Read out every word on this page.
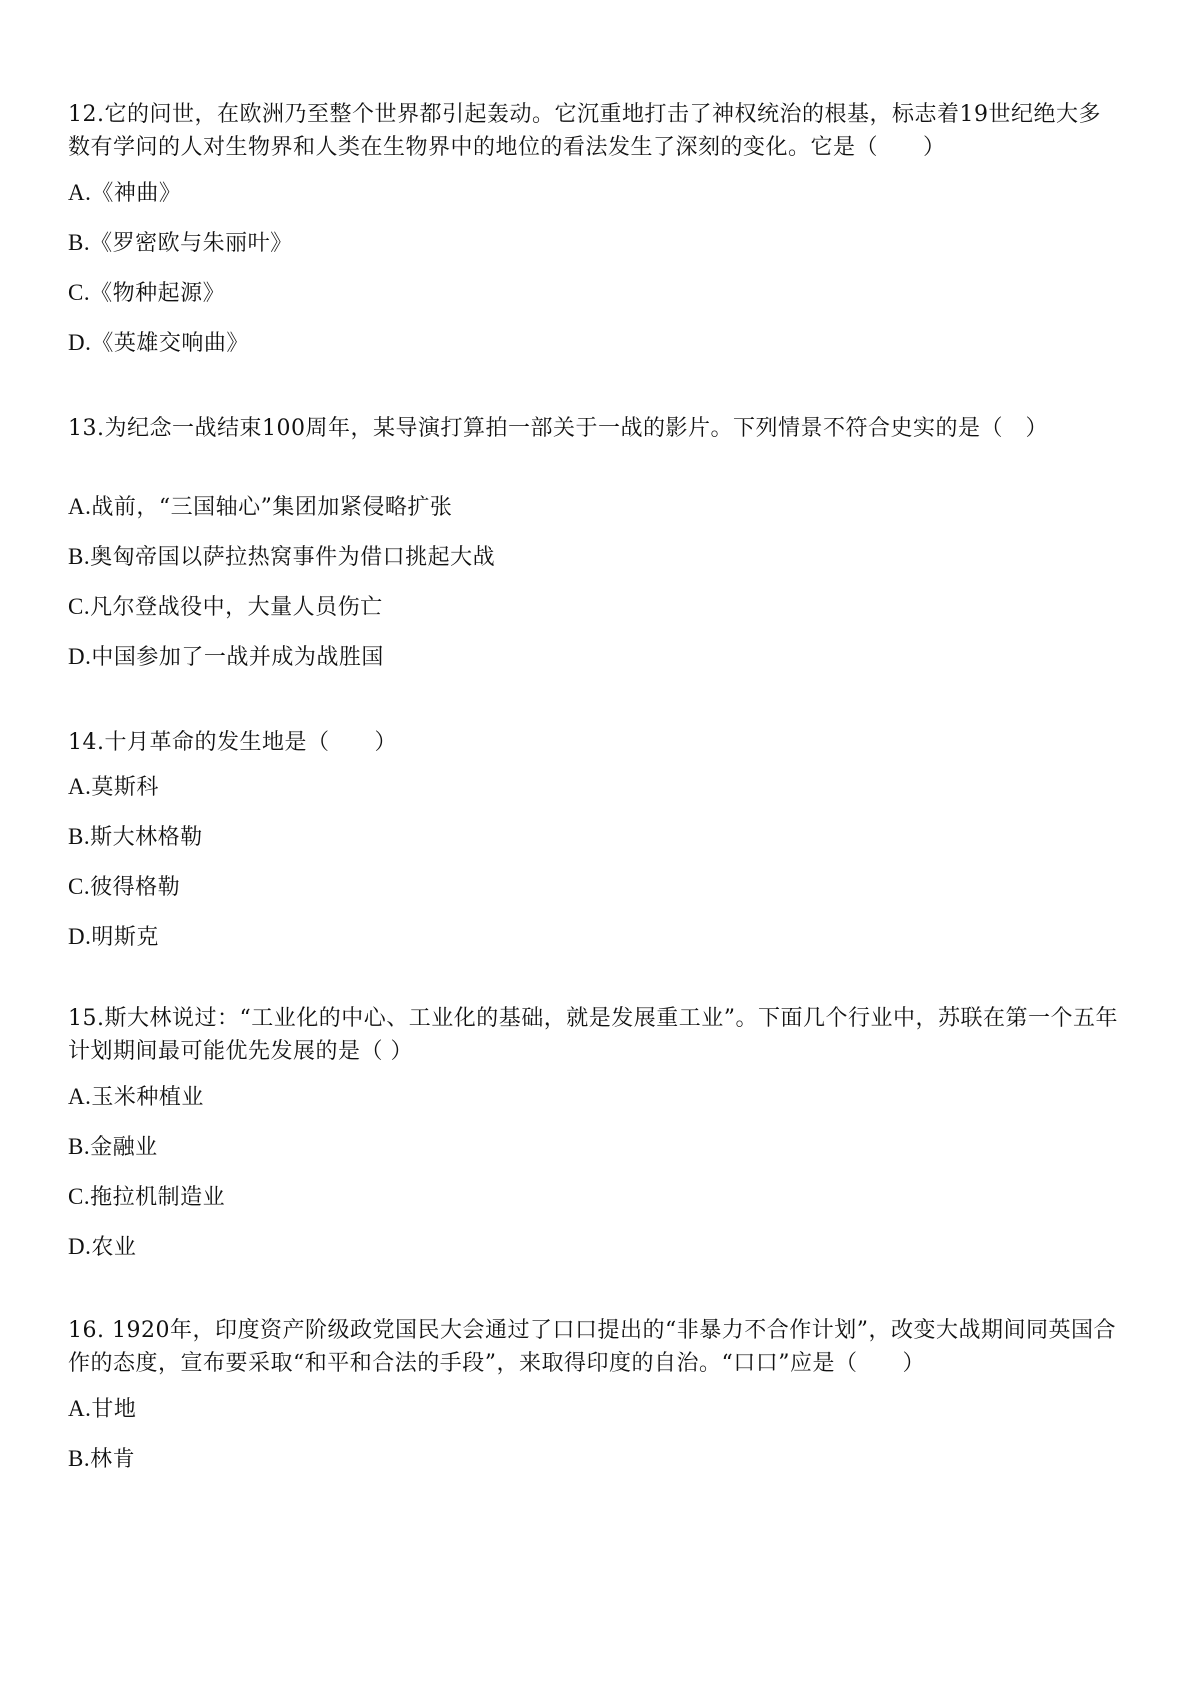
12.它的问世，在欧洲乃至整个世界都引起轰动。它沉重地打击了神权统治的根基，标志着19世纪绝大多数有学问的人对生物界和人类在生物界中的地位的看法发生了深刻的变化。它是（　　）

A.《神曲》

B.《罗密欧与朱丽叶》

C.《物种起源》

D.《英雄交响曲》

13.为纪念一战结束100周年，某导演打算拍一部关于一战的影片。下列情景不符合史实的是（　）

A.战前，“三国轴心”集团加紧侵略扩张

B.奥匈帝国以萨拉热窝事件为借口挑起大战

C.凡尔登战役中，大量人员伤亡

D.中国参加了一战并成为战胜国

14.十月革命的发生地是（　　）

A.莫斯科

B.斯大林格勒

C.彼得格勒

D.明斯克

15.斯大林说过：“工业化的中心、工业化的基础，就是发展重工业”。下面几个行业中，苏联在第一个五年计划期间最可能优先发展的是（ ）

A.玉米种植业

B.金融业

C.拖拉机制造业

D.农业

16. 1920年，印度资产阶级政党国民大会通过了口口提出的“非暴力不合作计划”，改变大战期间同英国合作的态度，宣布要采取“和平和合法的手段”，来取得印度的自治。“口口”应是（　　）

A.甘地

B.林肯
